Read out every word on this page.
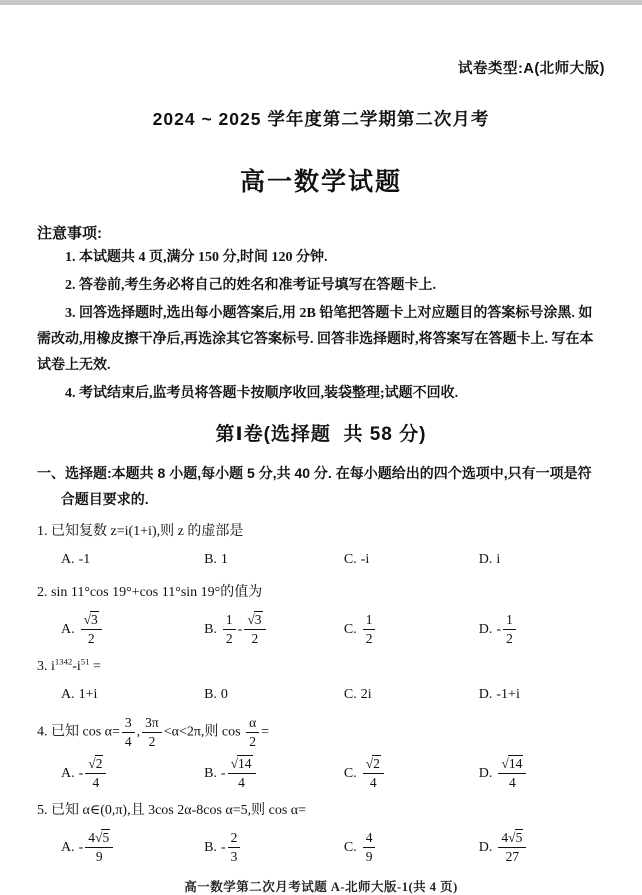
试卷类型:A(北师大版)
2024 ~ 2025 学年度第二学期第二次月考
高一数学试题
注意事项:

1. 本试题共 4 页,满分 150 分,时间 120 分钟.

2. 答卷前,考生务必将自己的姓名和准考证号填写在答题卡上.

3. 回答选择题时,选出每小题答案后,用 2B 铅笔把答题卡上对应题目的答案标号涂黑. 如需改动,用橡皮擦干净后,再选涂其它答案标号. 回答非选择题时,将答案写在答题卡上. 写在本试卷上无效.

4. 考试结束后,监考员将答题卡按顺序收回,装袋整理;试题不回收.

第Ⅰ卷(选择题  共 58 分)

一、选择题:本题共 8 小题,每小题 5 分,共 40 分. 在每小题给出的四个选项中,只有一项是符合题目要求的.

1. 已知复数 z=i(1+i),则 z 的虚部是
A. -1	B. 1	C. -i	D. i
2. sin 11°cos 19°+cos 11°sin 19°的值为
A. $\frac{√3}{2}$	B. $\frac{1}{2} - \frac{√3}{2}$	C. $\frac{1}{2}$	D. - $\frac{1}{2}$
3. $i^{1342}-i^{51}$ =
A. 1+i	B. 0	C. 2i	D. -1+i
4. 已知 $\cos \alpha= \frac{3}{4}$ , $\frac{3\pi}{2} <\alpha<2\pi$,则 $\cos \frac{\alpha}{2}$ =
A. - $\frac{√2}{4}$	B. - $\frac{√14}{4}$	C. $\frac{√2}{4}$	D. $\frac{√14}{4}$
5. 已知 α∈(0,π),且 3cos 2α-8cos α=5,则 cos α=
A. - $\frac{4√5}{9}$	B. - $\frac{2}{3}$	C. $\frac{4}{9}$	D. $\frac{4√5}{27}$
高一数学第二次月考试题 A-北师大版-1(共 4 页)
